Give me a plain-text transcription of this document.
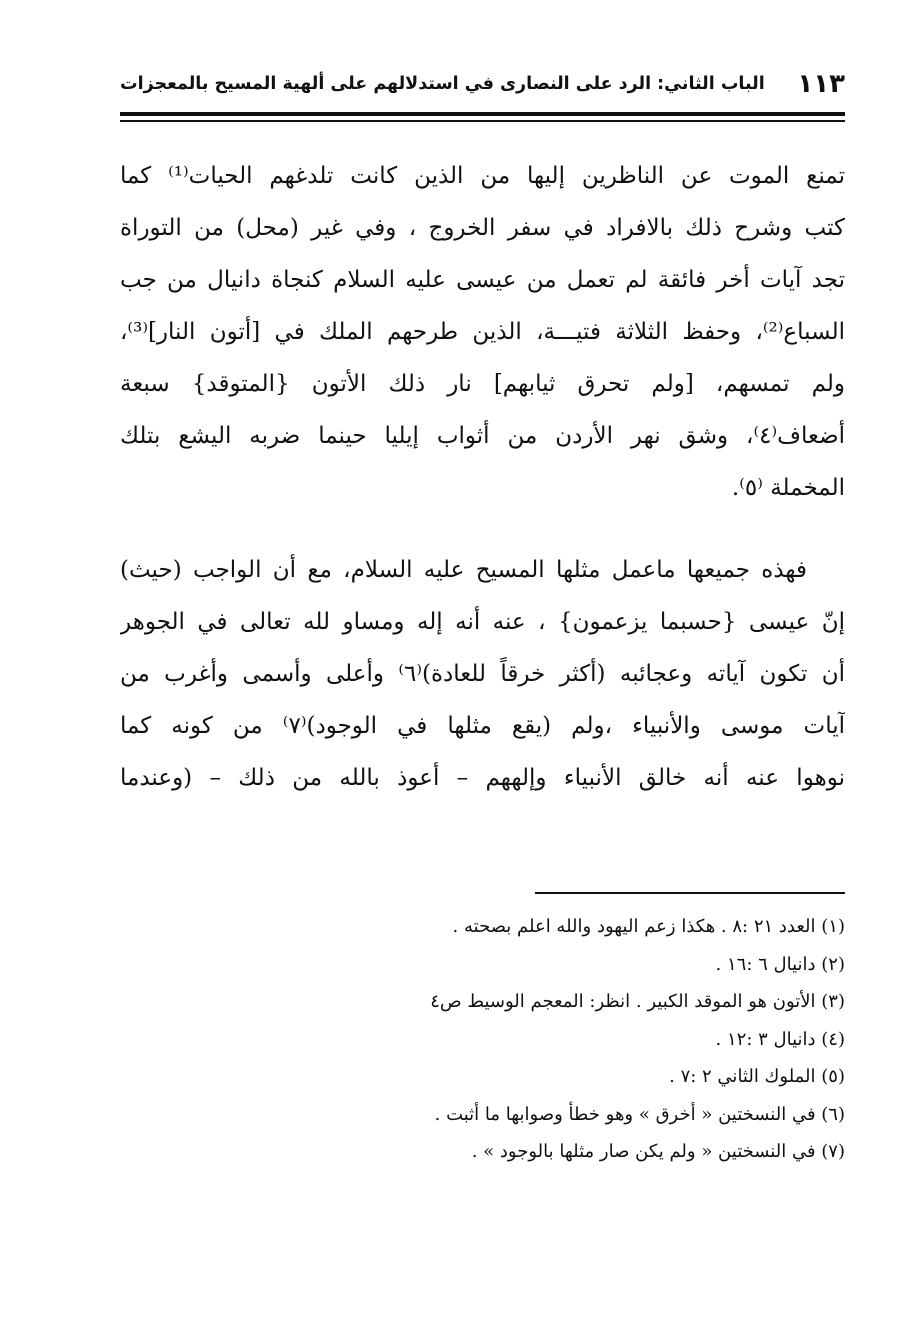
١١٣
الباب الثاني: الرد على النصارى في استدلالهم على ألهية المسيح بالمعجزات
تمنع الموت عن الناظرين إليها من الذين كانت تلدغهم الحيات⁽¹⁾ كما
كتب وشرح ذلك بالافراد في سفر الخروج ، وفي غير (محل) من التوراة
تجد آيات أخر فائقة لم تعمل من عيسى عليه السلام كنجاة دانيال من جب
السباع⁽²⁾، وحفظ الثلاثة فتيـــة، الذين طرحهم الملك في [أتون النار]⁽³⁾،
ولم تمسهم، [ولم تحرق ثيابهم] نار ذلك الأتون {المتوقد} سبعة
أضعاف⁽٤⁾، وشق نهر الأردن من أثواب إيليا حينما ضربه اليشع بتلك
المخملة ⁽٥⁾.
فهذه جميعها ماعمل مثلها المسيح عليه السلام، مع أن الواجب (حيث)
إنّ عيسى {حسبما يزعمون} ، عنه أنه إله ومساو لله تعالى في الجوهر
أن تكون آياته وعجائبه (أكثر خرقاً للعادة)⁽٦⁾ وأعلى وأسمى وأغرب من
آيات موسى والأنبياء ،ولم (يقع مثلها في الوجود)⁽٧⁾ من كونه كما
نوهوا عنه أنه خالق الأنبياء وإلههم – أعوذ بالله من ذلك – (وعندما
(١) العدد ٢١ :٨ . هكذا زعم اليهود والله اعلم بصحته .
(٢) دانيال ٦ :١٦ .
(٣) الأتون هو الموقد الكبير . انظر: المعجم الوسيط ص٤
(٤) دانيال ٣ :١٢ .
(٥) الملوك الثاني ٢ :٧ .
(٦) في النسختين « أخرق » وهو خطأ وصوابها ما أثبت .
(٧) في النسختين « ولم يكن صار مثلها بالوجود » .
